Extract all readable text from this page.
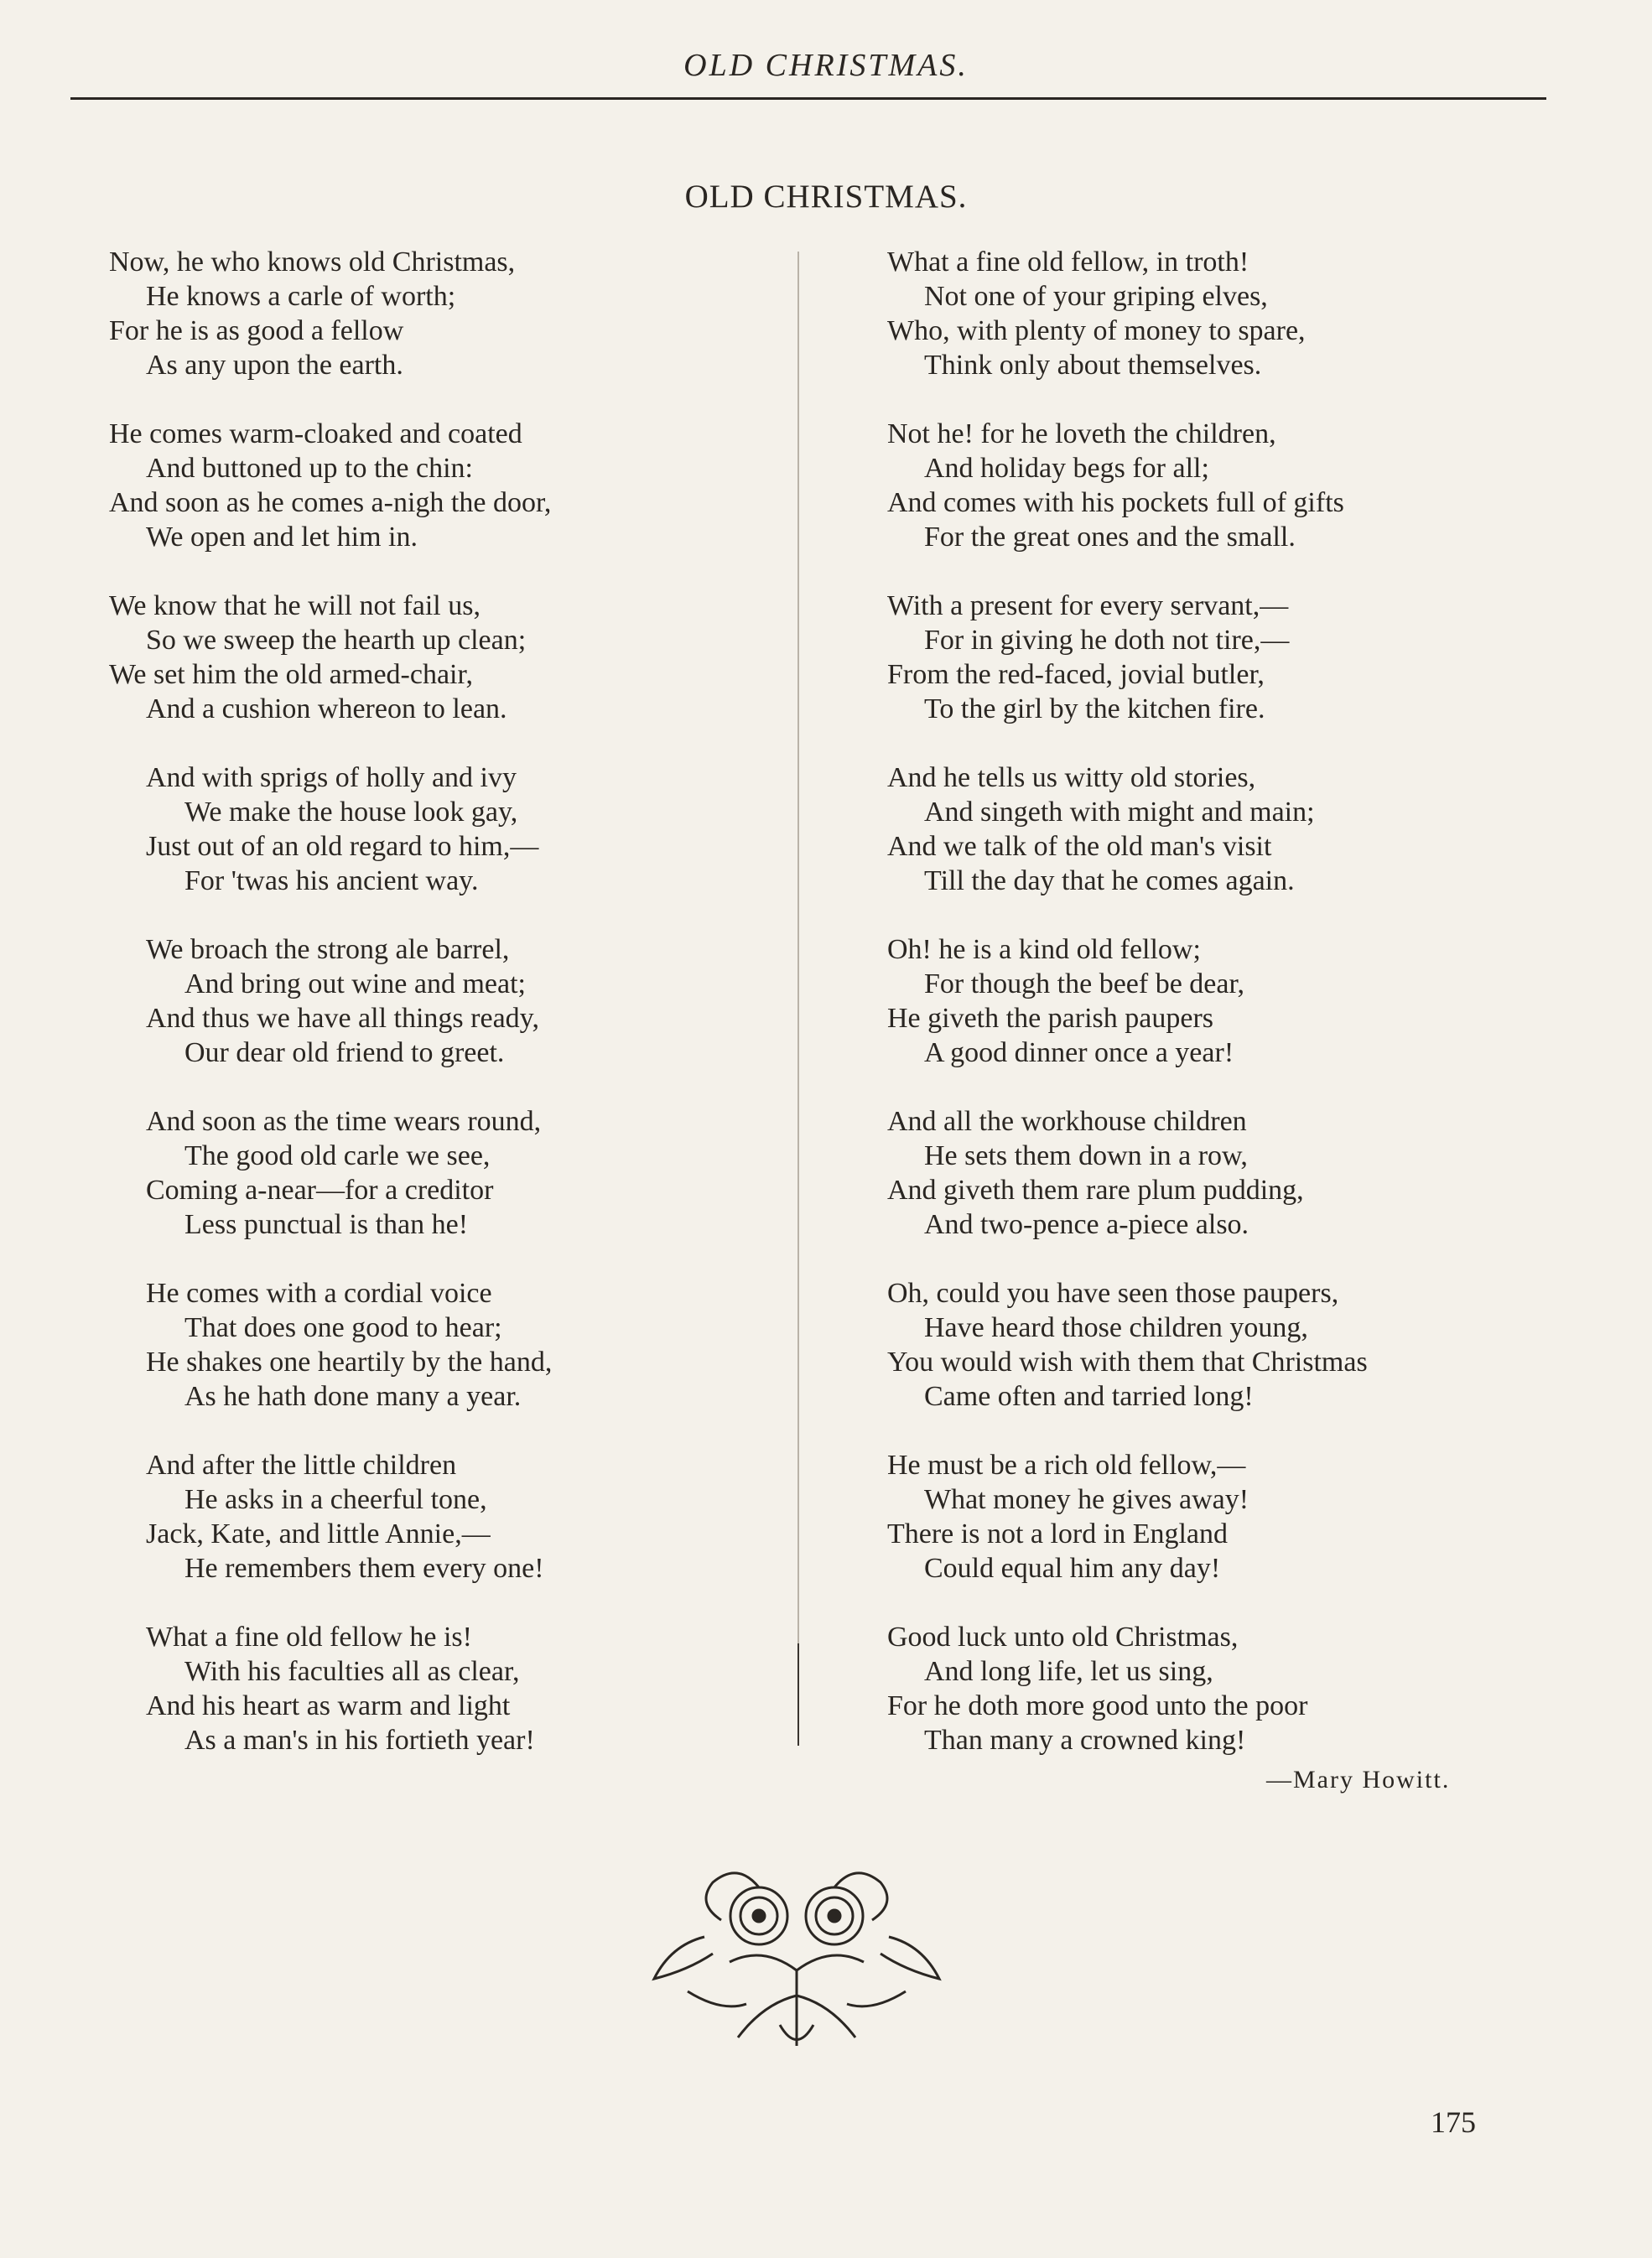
OLD CHRISTMAS.
OLD CHRISTMAS.
Now, he who knows old Christmas,
He knows a carle of worth;
For he is as good a fellow
As any upon the earth.
He comes warm-cloaked and coated
And buttoned up to the chin:
And soon as he comes a-nigh the door,
We open and let him in.
We know that he will not fail us,
So we sweep the hearth up clean;
We set him the old armed-chair,
And a cushion whereon to lean.
And with sprigs of holly and ivy
We make the house look gay,
Just out of an old regard to him,—
For 'twas his ancient way.
We broach the strong ale barrel,
And bring out wine and meat;
And thus we have all things ready,
Our dear old friend to greet.
And soon as the time wears round,
The good old carle we see,
Coming a-near—for a creditor
Less punctual is than he!
He comes with a cordial voice
That does one good to hear;
He shakes one heartily by the hand,
As he hath done many a year.
And after the little children
He asks in a cheerful tone,
Jack, Kate, and little Annie,—
He remembers them every one!
What a fine old fellow he is!
With his faculties all as clear,
And his heart as warm and light
As a man's in his fortieth year!
What a fine old fellow, in troth!
Not one of your griping elves,
Who, with plenty of money to spare,
Think only about themselves.
Not he! for he loveth the children,
And holiday begs for all;
And comes with his pockets full of gifts
For the great ones and the small.
With a present for every servant,—
For in giving he doth not tire,—
From the red-faced, jovial butler,
To the girl by the kitchen fire.
And he tells us witty old stories,
And singeth with might and main;
And we talk of the old man's visit
Till the day that he comes again.
Oh! he is a kind old fellow;
For though the beef be dear,
He giveth the parish paupers
A good dinner once a year!
And all the workhouse children
He sets them down in a row,
And giveth them rare plum pudding,
And two-pence a-piece also.
Oh, could you have seen those paupers,
Have heard those children young,
You would wish with them that Christmas
Came often and tarried long!
He must be a rich old fellow,—
What money he gives away!
There is not a lord in England
Could equal him any day!
Good luck unto old Christmas,
And long life, let us sing,
For he doth more good unto the poor
Than many a crowned king!
—Mary Howitt.
175
